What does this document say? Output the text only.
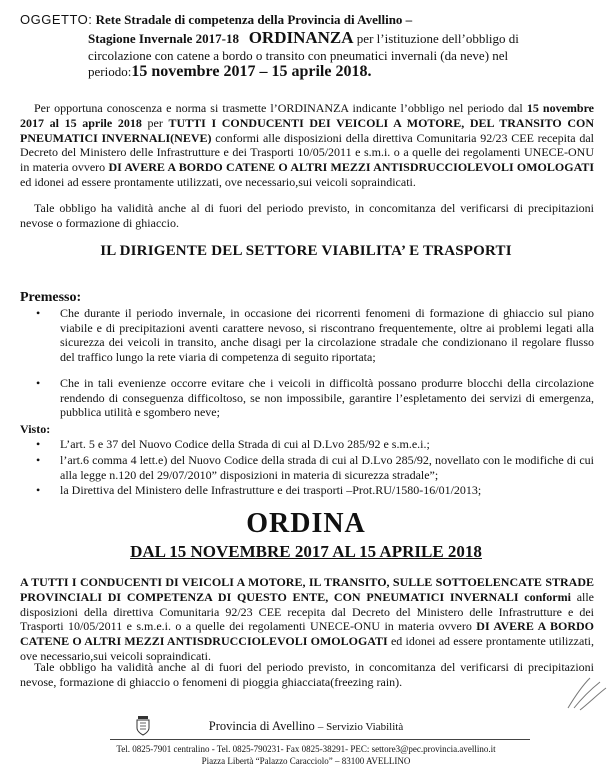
OGGETTO: Rete Stradale di competenza della Provincia di Avellino –
Stagione Invernale 2017-18 ORDINANZA per l’istituzione dell’obbligo di
circolazione con catene a bordo o transito con pneumatici invernali (da neve) nel
periodo:15 novembre 2017 – 15 aprile 2018.
Per opportuna conoscenza e norma si trasmette l’ORDINANZA indicante l’obbligo nel periodo dal 15 novembre 2017 al 15 aprile 2018 per TUTTI I CONDUCENTI DEI VEICOLI A MOTORE, DEL TRANSITO CON PNEUMATICI INVERNALI(NEVE) conformi alle disposizioni della direttiva Comunitaria 92/23 CEE recepita dal Decreto del Ministero delle Infrastrutture e dei Trasporti 10/05/2011 e s.m.i. o a quelle dei regolamenti UNECE-ONU in materia ovvero DI AVERE A BORDO CATENE O ALTRI MEZZI ANTISDRUCCIOLEVOLI OMOLOGATI ed idonei ad essere prontamente utilizzati, ove necessario,sui veicoli sopraindicati.
Tale obbligo ha validità anche al di fuori del periodo previsto, in concomitanza del verificarsi di precipitazioni nevose o formazione di ghiaccio.
IL DIRIGENTE DEL SETTORE VIABILITA’ E TRASPORTI
Premesso:
• Che durante il periodo invernale, in occasione dei ricorrenti fenomeni di formazione di ghiaccio sul piano viabile e di precipitazioni aventi carattere nevoso, si riscontrano frequentemente, oltre ai problemi legati alla sicurezza dei veicoli in transito, anche disagi per la circolazione stradale che condizionano il regolare flusso del traffico lungo la rete viaria di competenza di seguito riportata;
• Che in tali evenienze occorre evitare che i veicoli in difficoltà possano produrre blocchi della circolazione rendendo di conseguenza difficoltoso, se non impossibile, garantire l’espletamento dei servizi di emergenza, pubblica utilità e sgombero neve;
Visto:
• L’art. 5 e 37 del Nuovo Codice della Strada di cui al D.Lvo 285/92 e s.m.e.i.;
• l’art.6 comma 4 lett.e) del Nuovo Codice della strada di cui al D.Lvo 285/92, novellato con le modifiche di cui alla legge n.120 del 29/07/2010” disposizioni in materia di sicurezza stradale”;
• la Direttiva del Ministero delle Infrastrutture e dei trasporti –Prot.RU/1580-16/01/2013;
ORDINA
DAL 15 NOVEMBRE 2017 AL 15 APRILE 2018
A TUTTI I CONDUCENTI DI VEICOLI A MOTORE, IL TRANSITO, SULLE SOTTOELENCATE STRADE PROVINCIALI DI COMPETENZA DI QUESTO ENTE, CON PNEUMATICI INVERNALI conformi alle disposizioni della direttiva Comunitaria 92/23 CEE recepita dal Decreto del Ministero delle Infrastrutture e dei Trasporti 10/05/2011 e s.m.e.i. o a quelle dei regolamenti UNECE-ONU in materia ovvero DI AVERE A BORDO CATENE O ALTRI MEZZI ANTISDRUCCIOLEVOLI OMOLOGATI ed idonei ad essere prontamente utilizzati, ove necessario,sui veicoli sopraindicati.
Tale obbligo ha validità anche al di fuori del periodo previsto, in concomitanza del verificarsi di precipitazioni nevose, formazione di ghiaccio o fenomeni di pioggia ghiacciata(freezing rain).
Provincia di Avellino – Servizio Viabilità
Tel. 0825-7901 centralino - Tel. 0825-790231- Fax 0825-38291- PEC: settore3@pec.provincia.avellino.it
Piazza Libertà “Palazzo Caracciolo” – 83100 AVELLINO
